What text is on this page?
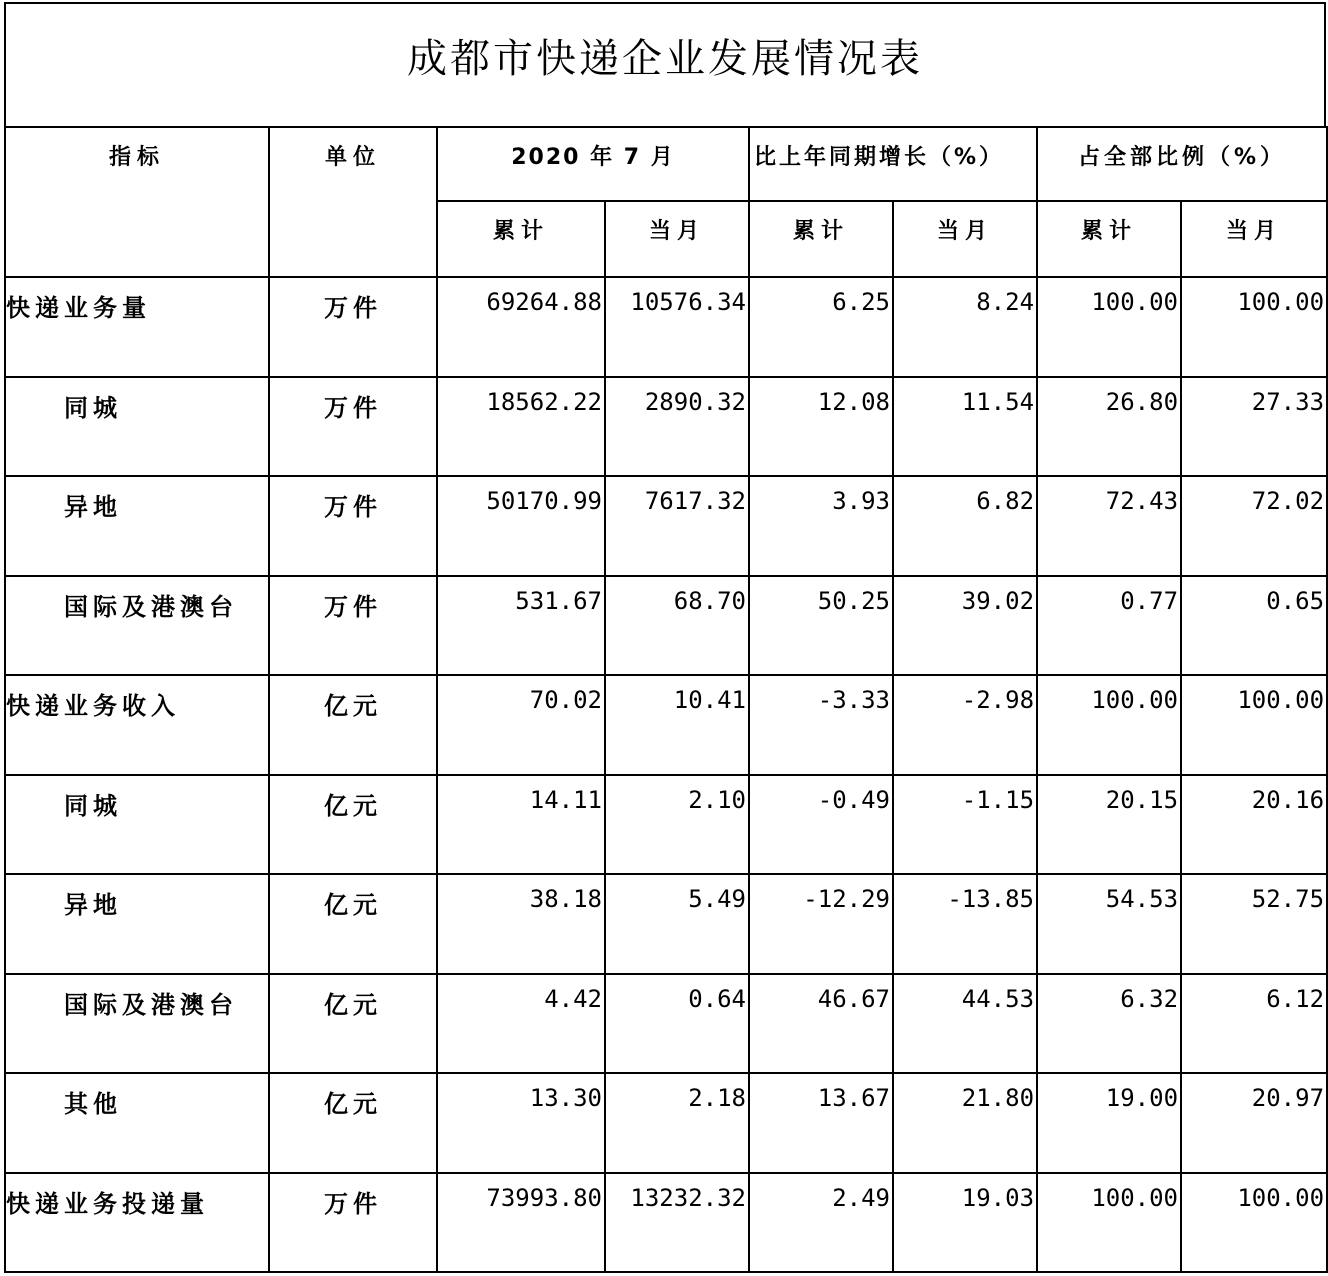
成都市快递企业发展情况表
指标	单位	2020 年 7 月		比上年同期增长（%）		占全部比例（%）	
		累计	当月	累计	当月	累计	当月
快递业务量	万件	69264.88	10576.34	6.25	8.24	100.00	100.00
同城	万件	18562.22	2890.32	12.08	11.54	26.80	27.33
异地	万件	50170.99	7617.32	3.93	6.82	72.43	72.02
国际及港澳台	万件	531.67	68.70	50.25	39.02	0.77	0.65
快递业务收入	亿元	70.02	10.41	-3.33	-2.98	100.00	100.00
同城	亿元	14.11	2.10	-0.49	-1.15	20.15	20.16
异地	亿元	38.18	5.49	-12.29	-13.85	54.53	52.75
国际及港澳台	亿元	4.42	0.64	46.67	44.53	6.32	6.12
其他	亿元	13.30	2.18	13.67	21.80	19.00	20.97
快递业务投递量	万件	73993.80	13232.32	2.49	19.03	100.00	100.00
